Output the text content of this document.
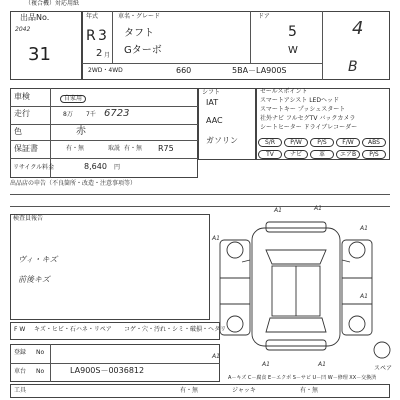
（複合機）対応用紙
出品No.
2042
31
年式
R 3
2 月
車名・グレード
タフト
Gターボ
ドア
5
W
2WD・4WD	660	5BA－LA900S
4
B
車検	自家用
走行	8万 7千 6723
色	赤
保証書	有・無	取説 有・無 R75
リサイクル料金	8,640 円
シフト
IAT
AAC
ガソリン
セールスポイント
スマートアシスト LEDヘッド
スマートキー プッシュスタート
社外ナビ フルセグTV バックカメラ
シートヒーター ドライブレコーダー
S/R	P/W	P/S	F/W	ABS
TV	ナビ	革	エアB	P/S
出品店の申告（不良箇所・改造・注意事項等）
検査員報告
ヴィ・キズ
前後キズ
A1	A1
A1
A1
A1
A1	A1
A1
スペア
F W キズ・ヒビ・石ハネ・リペア コゲ・穴・汚れ・シミ・破損・ヘタリ
登録 No
車台 No	LA900S－0036812
A－キズ C－腐食 E－エクボ S－サビ U－凹 W－修理 XX－交換済
工具	有・無	ジャッキ	有・無
